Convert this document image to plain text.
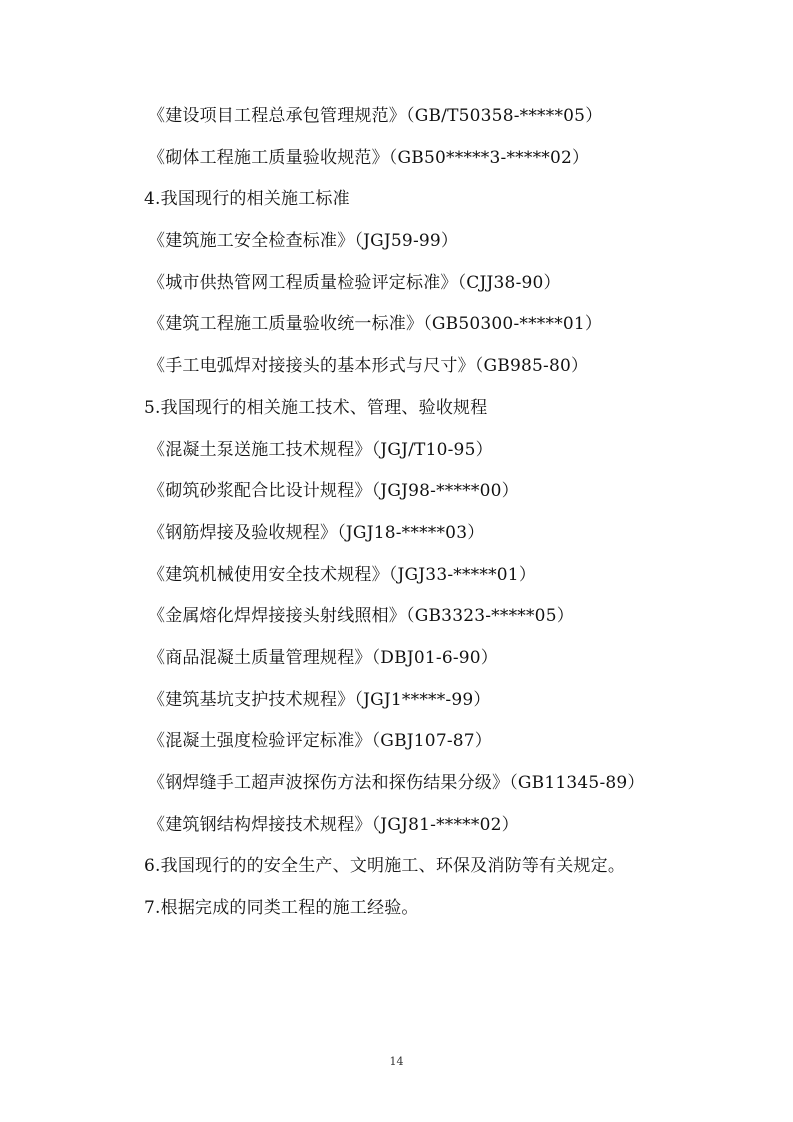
《建设项目工程总承包管理规范》（GB/T50358-*****05）
《砌体工程施工质量验收规范》（GB50*****3-*****02）
4.我国现行的相关施工标准
《建筑施工安全检查标准》（JGJ59-99）
《城市供热管网工程质量检验评定标准》（CJJ38-90）
《建筑工程施工质量验收统一标准》（GB50300-*****01）
《手工电弧焊对接接头的基本形式与尺寸》（GB985-80）
5.我国现行的相关施工技术、管理、验收规程
《混凝土泵送施工技术规程》（JGJ/T10-95）
《砌筑砂浆配合比设计规程》（JGJ98-*****00）
《钢筋焊接及验收规程》（JGJ18-*****03）
《建筑机械使用安全技术规程》（JGJ33-*****01）
《金属熔化焊焊接接头射线照相》（GB3323-*****05）
《商品混凝土质量管理规程》（DBJ01-6-90）
《建筑基坑支护技术规程》（JGJ1*****-99）
《混凝土强度检验评定标准》（GBJ107-87）
《钢焊缝手工超声波探伤方法和探伤结果分级》（GB11345-89）
《建筑钢结构焊接技术规程》（JGJ81-*****02）
6.我国现行的的安全生产、文明施工、环保及消防等有关规定。
7.根据完成的同类工程的施工经验。
14
